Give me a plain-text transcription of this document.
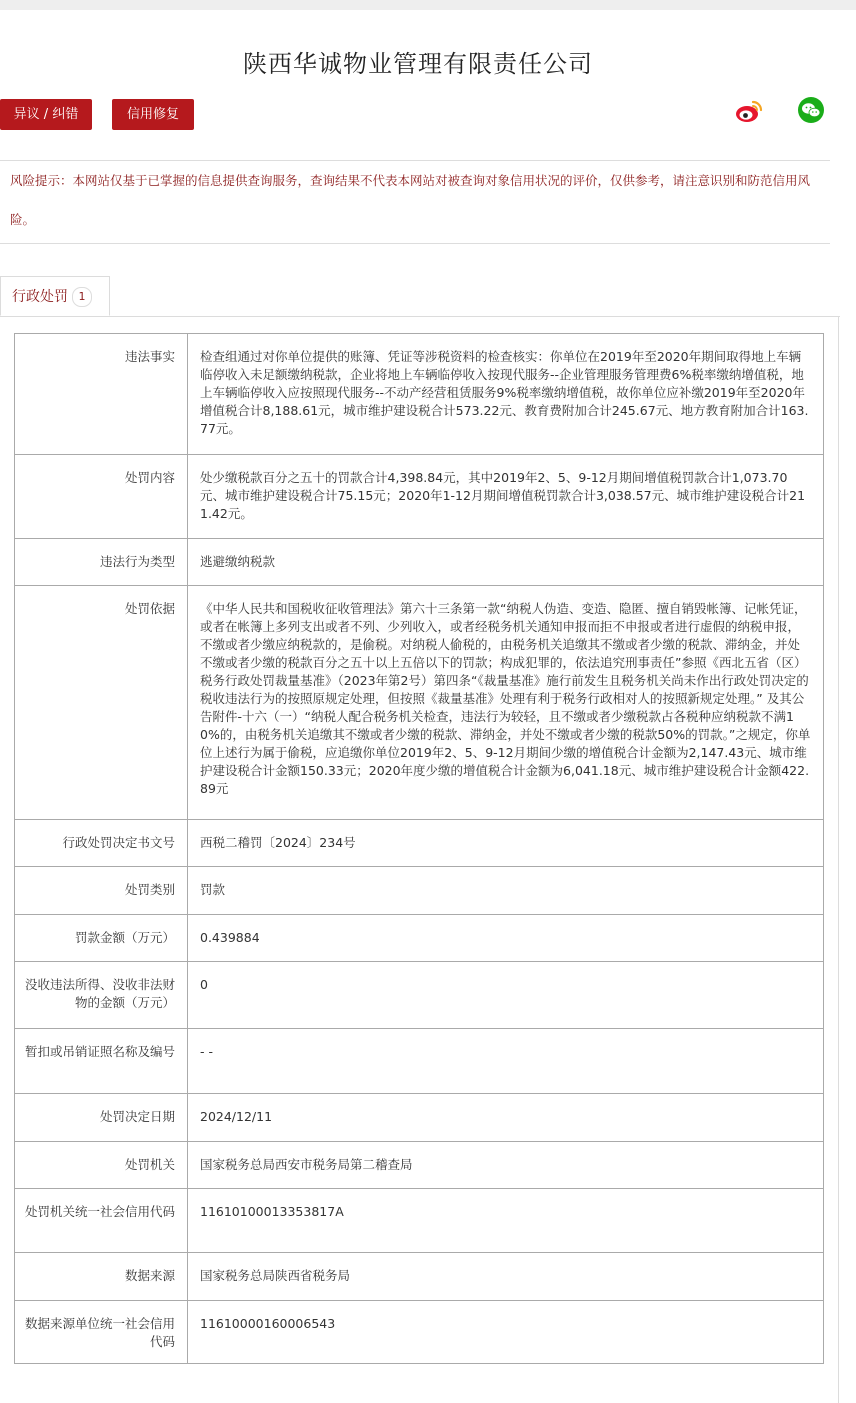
陕西华诚物业管理有限责任公司
异议 / 纠错	信用修复
风险提示：本网站仅基于已掌握的信息提供查询服务，查询结果不代表本网站对被查询对象信用状况的评价，仅供参考，请注意识别和防范信用风险。
行政处罚 1
违法事实	检查组通过对你单位提供的账簿、凭证等涉税资料的检查核实：你单位在2019年至2020年期间取得地上车辆临停收入未足额缴纳税款，企业将地上车辆临停收入按现代服务--企业管理服务管理费6%税率缴纳增值税，地上车辆临停收入应按照现代服务--不动产经营租赁服务9%税率缴纳增值税，故你单位应补缴2019年至2020年增值税合计8,188.61元，城市维护建设税合计573.22元、教育费附加合计245.67元、地方教育附加合计163.77元。
处罚内容	处少缴税款百分之五十的罚款合计4,398.84元，其中2019年2、5、9-12月期间增值税罚款合计1,073.70元、城市维护建设税合计75.15元；2020年1-12月期间增值税罚款合计3,038.57元、城市维护建设税合计211.42元。
违法行为类型	逃避缴纳税款
处罚依据	《中华人民共和国税收征收管理法》第六十三条第一款“纳税人伪造、变造、隐匿、擅自销毁帐簿、记帐凭证，或者在帐簿上多列支出或者不列、少列收入，或者经税务机关通知申报而拒不申报或者进行虚假的纳税申报，不缴或者少缴应纳税款的，是偷税。对纳税人偷税的，由税务机关追缴其不缴或者少缴的税款、滞纳金，并处不缴或者少缴的税款百分之五十以上五倍以下的罚款；构成犯罪的，依法追究刑事责任”参照《西北五省（区）税务行政处罚裁量基准》（2023年第2号）第四条“《裁量基准》施行前发生且税务机关尚未作出行政处罚决定的税收违法行为的按照原规定处理，但按照《裁量基准》处理有利于税务行政相对人的按照新规定处理。” 及其公告附件-十六（一）“纳税人配合税务机关检查，违法行为较轻，且不缴或者少缴税款占各税种应纳税款不满10%的，由税务机关追缴其不缴或者少缴的税款、滞纳金，并处不缴或者少缴的税款50%的罚款。”之规定，你单位上述行为属于偷税，应追缴你单位2019年2、5、9-12月期间少缴的增值税合计金额为2,147.43元、城市维护建设税合计金额150.33元；2020年度少缴的增值税合计金额为6,041.18元、城市维护建设税合计金额422.89元
行政处罚决定书文号	西税二稽罚〔2024〕234号
处罚类别	罚款
罚款金额（万元）	0.439884
没收违法所得、没收非法财物的金额（万元）	0
暂扣或吊销证照名称及编号	- -
处罚决定日期	2024/12/11
处罚机关	国家税务总局西安市税务局第二稽查局
处罚机关统一社会信用代码	11610100013353817A
数据来源	国家税务总局陕西省税务局
数据来源单位统一社会信用代码	11610000160006543
